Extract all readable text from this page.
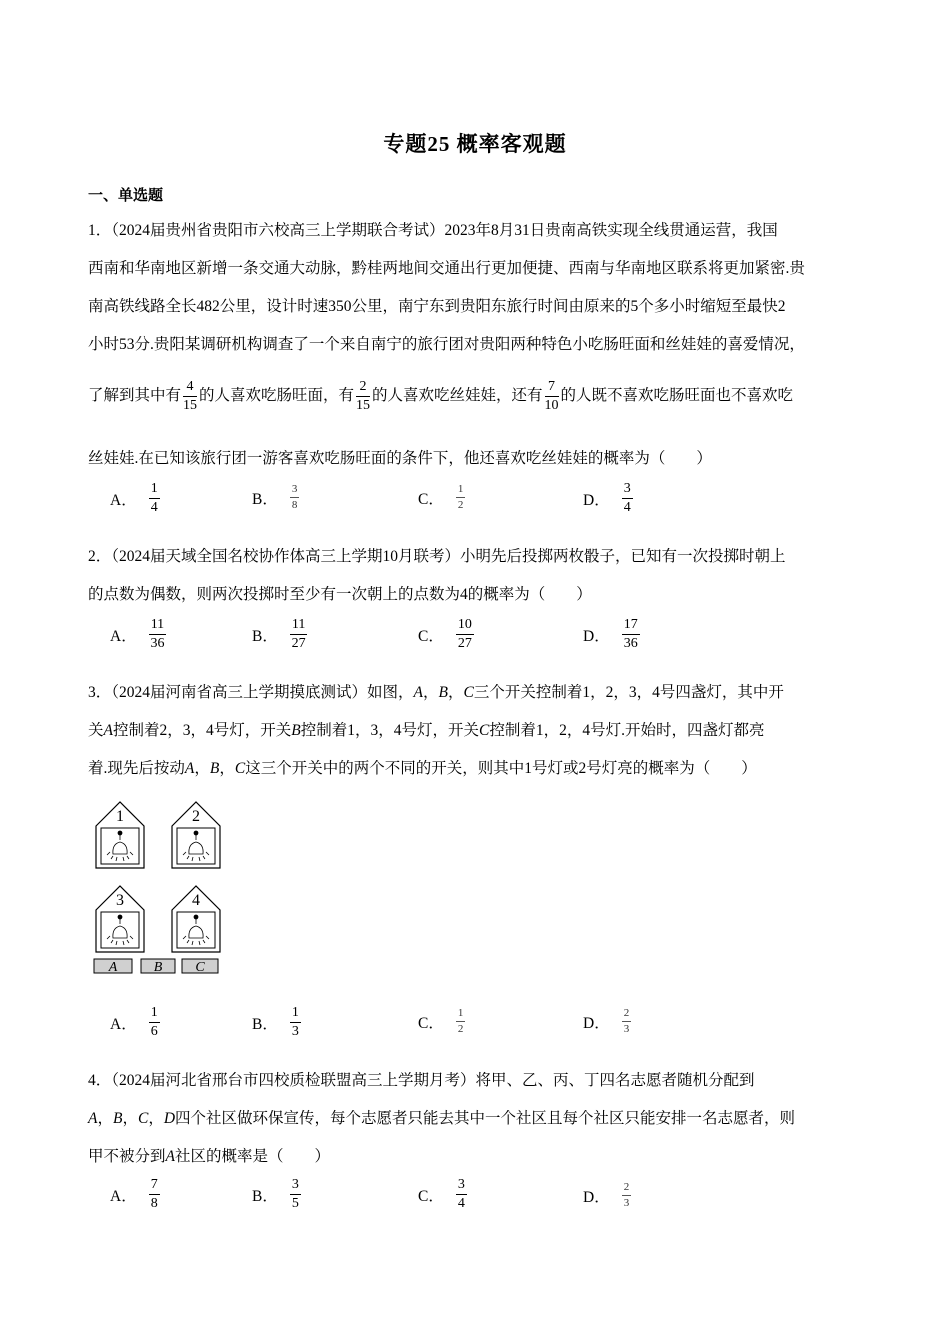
专题25 概率客观题
一、单选题
1．（2024届贵州省贵阳市六校高三上学期联合考试）2023年8月31日贵南高铁实现全线贯通运营，我国
西南和华南地区新增一条交通大动脉，黔桂两地间交通出行更加便捷、西南与华南地区联系将更加紧密.贵
南高铁线路全长482公里，设计时速350公里，南宁东到贵阳东旅行时间由原来的5个多小时缩短至最快2
小时53分.贵阳某调研机构调查了一个来自南宁的旅行团对贵阳两种特色小吃肠旺面和丝娃娃的喜爱情况，
了解到其中有 $\frac{4}{15}$ 的人喜欢吃肠旺面，有 $\frac{2}{15}$ 的人喜欢吃丝娃娃，还有 $\frac{7}{10}$ 的人既不喜欢吃肠旺面也不喜欢吃
丝娃娃.在已知该旅行团一游客喜欢吃肠旺面的条件下，他还喜欢吃丝娃娃的概率为（　　）
A． $\frac{1}{4}$	B． $\frac{3}{8}$	C． $\frac{1}{2}$	D． $\frac{3}{4}$
2．（2024届天域全国名校协作体高三上学期10月联考）小明先后投掷两枚骰子，已知有一次投掷时朝上
的点数为偶数，则两次投掷时至少有一次朝上的点数为4的概率为（　　）
A． $\frac{11}{36}$	B． $\frac{11}{27}$	C． $\frac{10}{27}$	D． $\frac{17}{36}$
3．（2024届河南省高三上学期摸底测试）如图，A，B，C三个开关控制着1，2，3，4号四盏灯，其中开
关A控制着2，3，4号灯，开关B控制着1，3，4号灯，开关C控制着1，2，4号灯.开始时，四盏灯都亮
着.现先后按动A，B，C这三个开关中的两个不同的开关，则其中1号灯或2号灯亮的概率为（　　）
1	2
3	4
A	B C
A． $\frac{1}{6}$	B． $\frac{1}{3}$	C． $\frac{1}{2}$	D． $\frac{2}{3}$
4．（2024届河北省邢台市四校质检联盟高三上学期月考）将甲、乙、丙、丁四名志愿者随机分配到
A，B，C，D四个社区做环保宣传，每个志愿者只能去其中一个社区且每个社区只能安排一名志愿者，则
甲不被分到A社区的概率是（　　）
A． $\frac{7}{8}$	B． $\frac{3}{5}$	C． $\frac{3}{4}$	D． $\frac{2}{3}$
